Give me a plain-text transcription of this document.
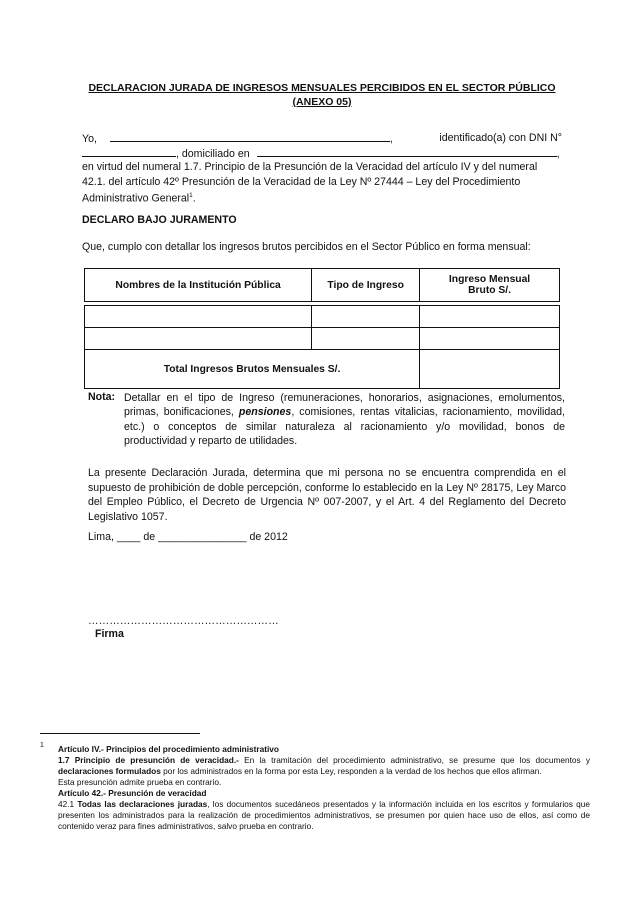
DECLARACION JURADA DE INGRESOS MENSUALES PERCIBIDOS EN EL SECTOR PÚBLICO
(ANEXO 05)
Yo,	,	identificado(a) con DNI N°
, domiciliado en	,
en virtud del numeral 1.7. Principio de la Presunción de la Veracidad del artículo IV y del numeral
42.1. del artículo 42º Presunción de la Veracidad de la Ley Nº 27444 – Ley del Procedimiento
Administrativo General$^1$.
DECLARO BAJO JURAMENTO
Que, cumplo con detallar los ingresos brutos percibidos en el Sector Público en forma mensual:
Nombres de la Institución Pública	Tipo de Ingreso	Ingreso Mensual Bruto S/.

Total Ingresos Brutos Mensuales S/.		
Nota: Detallar en el tipo de Ingreso (remuneraciones, honorarios, asignaciones, emolumentos, primas, bonificaciones, pensiones, comisiones, rentas vitalicias, racionamiento, movilidad, etc.) o conceptos de similar naturaleza al racionamiento y/o movilidad, bonos de productividad y reparto de utilidades.
La presente Declaración Jurada, determina que mi persona no se encuentra comprendida en el supuesto de prohibición de doble percepción, conforme lo establecido en la Ley Nº 28175, Ley Marco del Empleo Público, el Decreto de Urgencia Nº 007-2007, y el Art. 4 del Reglamento del Decreto Legislativo 1057.
Lima, ____ de _______________ de 2012
………………………………………………
Firma
1 Artículo IV.- Principios del procedimiento administrativo
1.7 Principio de presunción de veracidad.- En la tramitación del procedimiento administrativo, se presume que los documentos y declaraciones formulados por los administrados en la forma por esta Ley, responden a la verdad de los hechos que ellos afirman.
Esta presunción admite prueba en contrario.
Artículo 42.- Presunción de veracidad
42.1 Todas las declaraciones juradas, los documentos sucedáneos presentados y la información incluida en los escritos y formularios que presenten los administrados para la realización de procedimientos administrativos, se presumen por quien hace uso de ellos, así como de contenido veraz para fines administrativos, salvo prueba en contrario.
